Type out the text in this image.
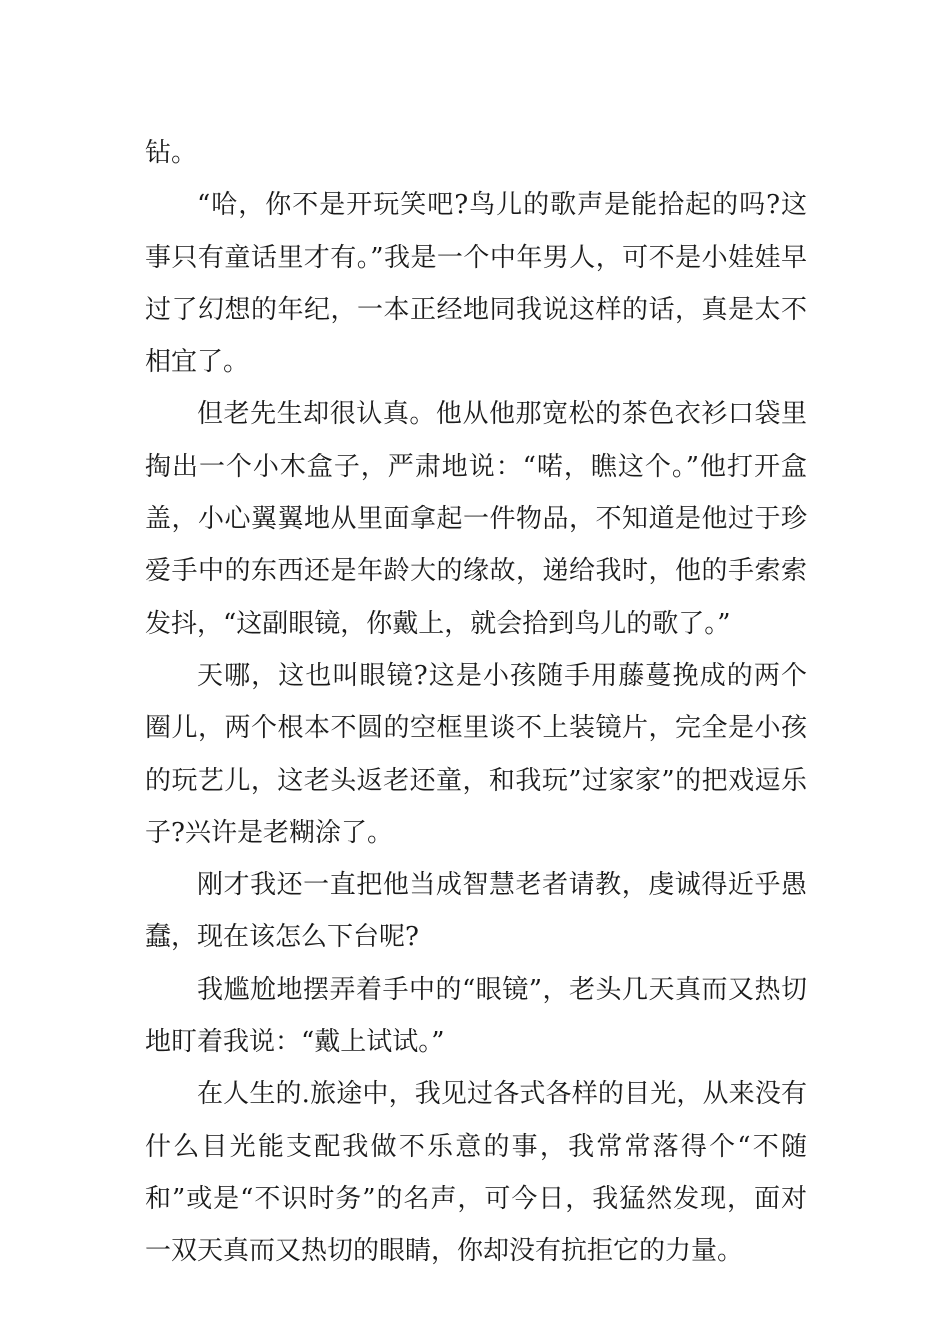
钻。

“哈，你不是开玩笑吧?鸟儿的歌声是能拾起的吗?这事只有童话里才有。”我是一个中年男人，可不是小娃娃早过了幻想的年纪，一本正经地同我说这样的话，真是太不相宜了。

但老先生却很认真。他从他那宽松的茶色衣衫口袋里掏出一个小木盒子，严肃地说：“喏，瞧这个。”他打开盒盖，小心翼翼地从里面拿起一件物品，不知道是他过于珍爱手中的东西还是年龄大的缘故，递给我时，他的手索索发抖，“这副眼镜，你戴上，就会拾到鸟儿的歌了。”

天哪，这也叫眼镜?这是小孩随手用藤蔓挽成的两个圈儿，两个根本不圆的空框里谈不上装镜片，完全是小孩的玩艺儿，这老头返老还童，和我玩”过家家”的把戏逗乐子?兴许是老糊涂了。

刚才我还一直把他当成智慧老者请教，虔诚得近乎愚蠢，现在该怎么下台呢?

我尴尬地摆弄着手中的“眼镜”，老头几天真而又热切地盯着我说：“戴上试试。”

在人生的.旅途中，我见过各式各样的目光，从来没有什么目光能支配我做不乐意的事，我常常落得个“不随和”或是“不识时务”的名声，可今日，我猛然发现，面对一双天真而又热切的眼睛，你却没有抗拒它的力量。
